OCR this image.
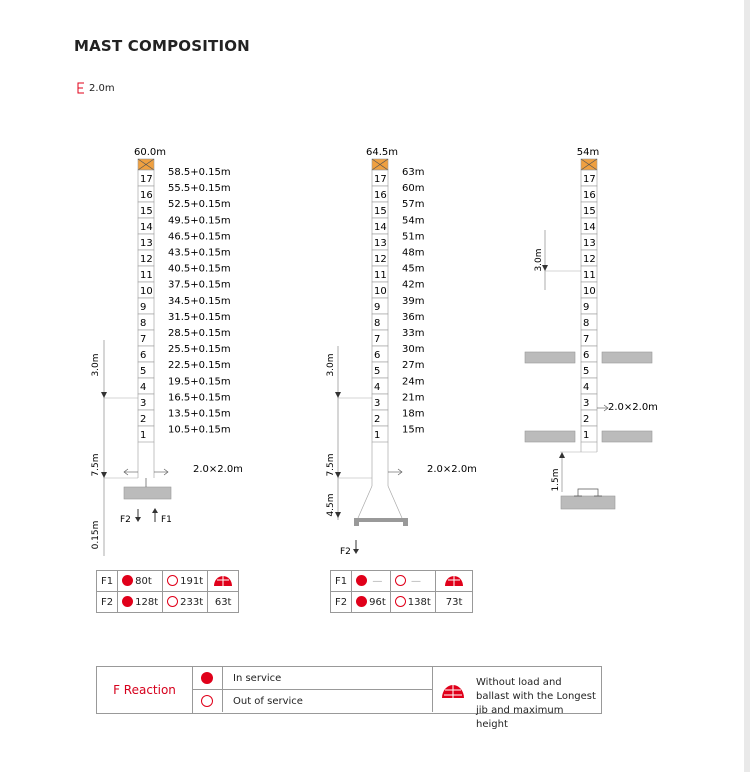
MAST COMPOSITION
2.0m
60.0m
17
16
15
14
13
12
11
10
9
8
7
6
5
4
3
2
1
58.5+0.15m
55.5+0.15m
52.5+0.15m
49.5+0.15m
46.5+0.15m
43.5+0.15m
40.5+0.15m
37.5+0.15m
34.5+0.15m
31.5+0.15m
28.5+0.15m
25.5+0.15m
22.5+0.15m
19.5+0.15m
16.5+0.15m
13.5+0.15m
10.5+0.15m
3.0m
7.5m
0.15m
2.0×2.0m
F2	F1
64.5m
17
16
15
14
13
12
11
10
9
8
7
6
5
4
3
2
1
63m
60m
57m
54m
51m
48m
45m
42m
39m
36m
33m
30m
27m
24m
21m
18m
15m
3.0m
7.5m
4.5m
2.0×2.0m
F2
54m
17
16
15
14
13
12
11
10
9
8
7
6
5
4
3
2
1
3.0m
1.5m
2.0×2.0m
F1	80t	191t	
F2	128t	233t	63t
F1	—	—	
F2	96t	138t	73t
F Reaction
In service
Out of service
Without load and ballast with the Longest jib and maximum height
